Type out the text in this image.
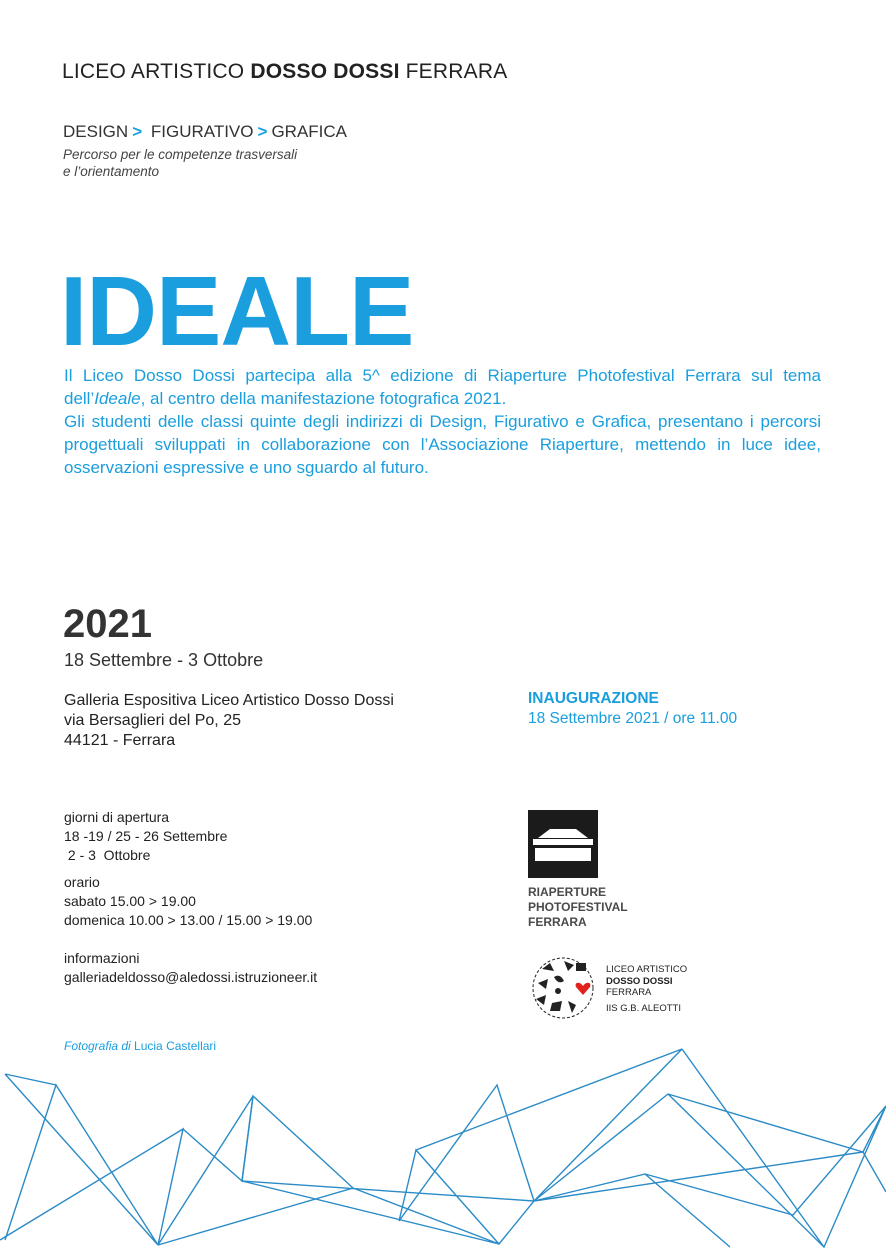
LICEO ARTISTICO DOSSO DOSSI FERRARA
DESIGN > FIGURATIVO > GRAFICA
Percorso per le competenze trasversali
e l’orientamento
IDEALE

Il Liceo Dosso Dossi partecipa alla 5^ edizione di Riaperture Photofestival Ferrara sul tema dell’Ideale, al centro della manifestazione fotografica 2021.

Gli studenti delle classi quinte degli indirizzi di Design, Figurativo e Grafica, presentano i percorsi progettuali sviluppati in collaborazione con l’Associazione Riaperture, mettendo in luce idee, osservazioni espressive e uno sguardo al futuro.

2021
18 Settembre - 3 Ottobre
Galleria Espositiva Liceo Artistico Dosso Dossi
via Bersaglieri del Po, 25
44121 - Ferrara
INAUGURAZIONE
18 Settembre 2021 / ore 11.00
giorni di apertura
18 -19 / 25 - 26 Settembre
2 - 3  Ottobre
orario
sabato 15.00 > 19.00
domenica 10.00 > 13.00 / 15.00 > 19.00
informazioni
galleriadeldosso@aledossi.istruzioneer.it
Fotografia di Lucia Castellari
RIAPERTURE
PHOTOFESTIVAL
FERRARA
LICEO ARTISTICO
DOSSO DOSSI
FERRARA
IIS G.B. ALEOTTI
